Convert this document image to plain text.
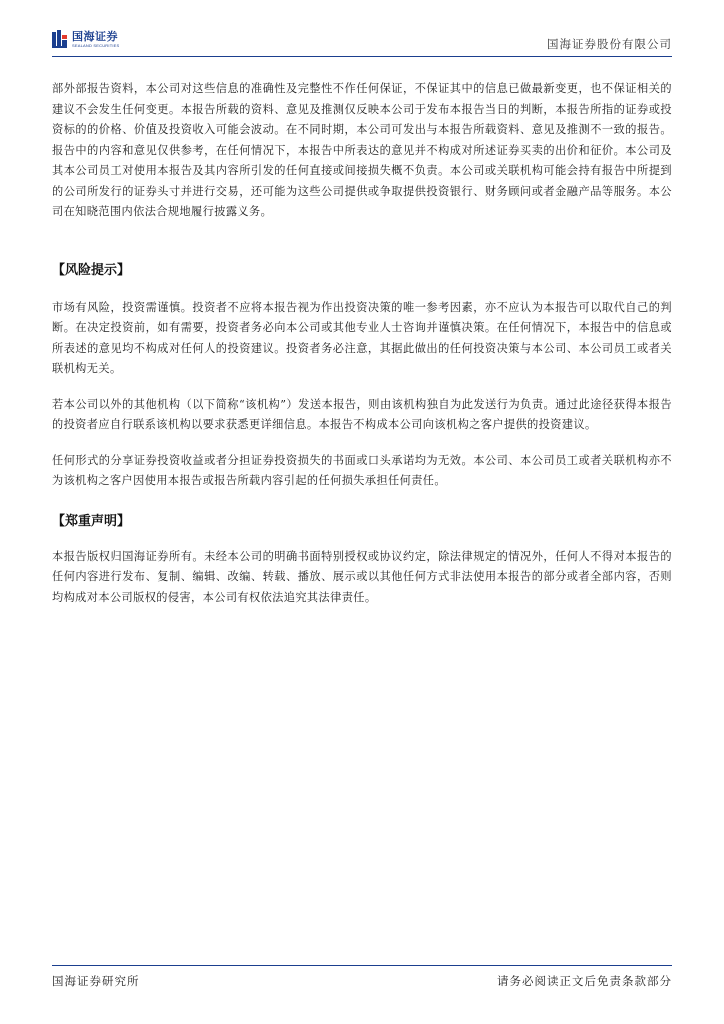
国海证券
SEALAND SECURITIES	国海证券股份有限公司

部外部报告资料，本公司对这些信息的准确性及完整性不作任何保证，不保证其中的信息已做最新变更，也不保证相关的建议不会发生任何变更。本报告所载的资料、意见及推测仅反映本公司于发布本报告当日的判断，本报告所指的证券或投资标的的价格、价值及投资收入可能会波动。在不同时期，本公司可发出与本报告所载资料、意见及推测不一致的报告。报告中的内容和意见仅供参考，在任何情况下，本报告中所表达的意见并不构成对所述证券买卖的出价和征价。本公司及其本公司员工对使用本报告及其内容所引发的任何直接或间接损失概不负责。本公司或关联机构可能会持有报告中所提到的公司所发行的证券头寸并进行交易，还可能为这些公司提供或争取提供投资银行、财务顾问或者金融产品等服务。本公司在知晓范围内依法合规地履行披露义务。

【风险提示】

市场有风险，投资需谨慎。投资者不应将本报告视为作出投资决策的唯一参考因素，亦不应认为本报告可以取代自己的判断。在决定投资前，如有需要，投资者务必向本公司或其他专业人士咨询并谨慎决策。在任何情况下，本报告中的信息或所表述的意见均不构成对任何人的投资建议。投资者务必注意，其据此做出的任何投资决策与本公司、本公司员工或者关联机构无关。

若本公司以外的其他机构（以下简称“该机构”）发送本报告，则由该机构独自为此发送行为负责。通过此途径获得本报告的投资者应自行联系该机构以要求获悉更详细信息。本报告不构成本公司向该机构之客户提供的投资建议。

任何形式的分享证券投资收益或者分担证券投资损失的书面或口头承诺均为无效。本公司、本公司员工或者关联机构亦不为该机构之客户因使用本报告或报告所载内容引起的任何损失承担任何责任。

【郑重声明】

本报告版权归国海证券所有。未经本公司的明确书面特别授权或协议约定，除法律规定的情况外，任何人不得对本报告的任何内容进行发布、复制、编辑、改编、转载、播放、展示或以其他任何方式非法使用本报告的部分或者全部内容，否则均构成对本公司版权的侵害，本公司有权依法追究其法律责任。

国海证券研究所	请务必阅读正文后免责条款部分
